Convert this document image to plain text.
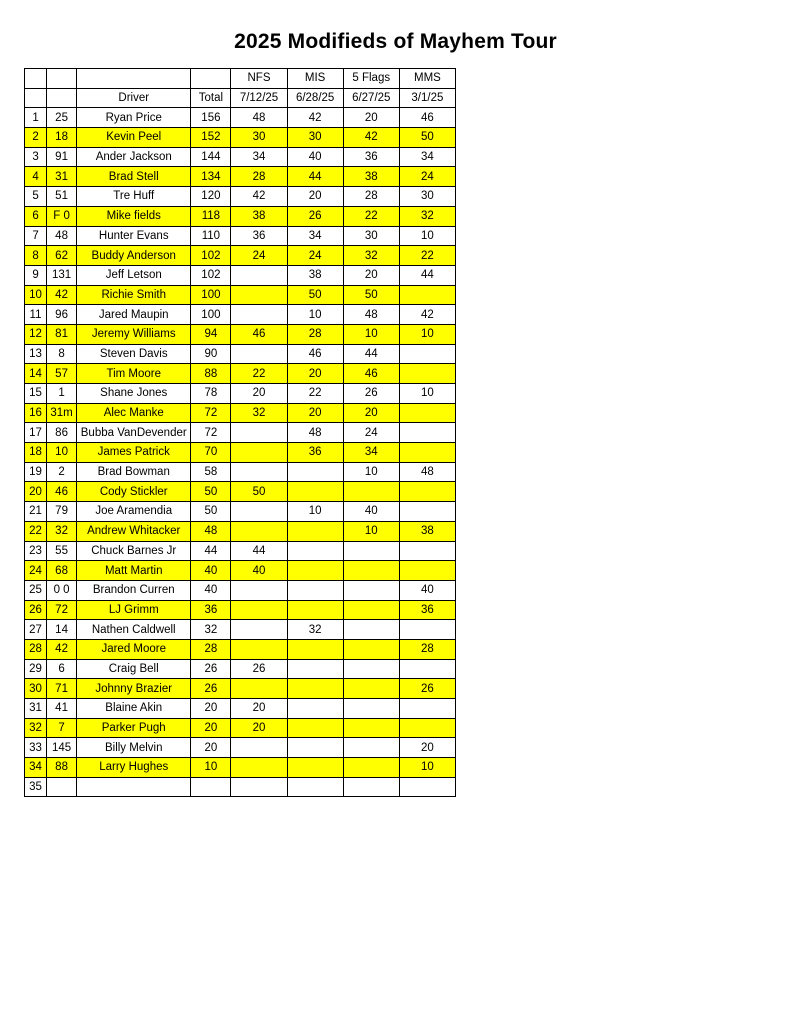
2025 Modifieds of Mayhem Tour
				NFS	MIS	5 Flags	MMS
		Driver	Total	7/12/25	6/28/25	6/27/25	3/1/25
1	25	Ryan Price	156	48	42	20	46
2	18	Kevin Peel	152	30	30	42	50
3	91	Ander Jackson	144	34	40	36	34
4	31	Brad Stell	134	28	44	38	24
5	51	Tre Huff	120	42	20	28	30
6	F 0	Mike fields	118	38	26	22	32
7	48	Hunter Evans	110	36	34	30	10
8	62	Buddy Anderson	102	24	24	32	22
9	131	Jeff Letson	102		38	20	44
10	42	Richie Smith	100		50	50	
11	96	Jared Maupin	100		10	48	42
12	81	Jeremy Williams	94	46	28	10	10
13	8	Steven Davis	90		46	44	
14	57	Tim Moore	88	22	20	46	
15	1	Shane Jones	78	20	22	26	10
16	31m	Alec Manke	72	32	20	20	
17	86	Bubba VanDevender	72		48	24	
18	10	James Patrick	70		36	34	
19	2	Brad Bowman	58			10	48
20	46	Cody Stickler	50	50			
21	79	Joe Aramendia	50		10	40	
22	32	Andrew Whitacker	48			10	38
23	55	Chuck Barnes Jr	44	44			
24	68	Matt Martin	40	40			
25	0 0	Brandon Curren	40				40
26	72	LJ Grimm	36				36
27	14	Nathen Caldwell	32		32		
28	42	Jared Moore	28				28
29	6	Craig Bell	26	26			
30	71	Johnny Brazier	26				26
31	41	Blaine Akin	20	20			
32	7	Parker Pugh	20	20			
33	145	Billy Melvin	20				20
34	88	Larry Hughes	10				10
35							
